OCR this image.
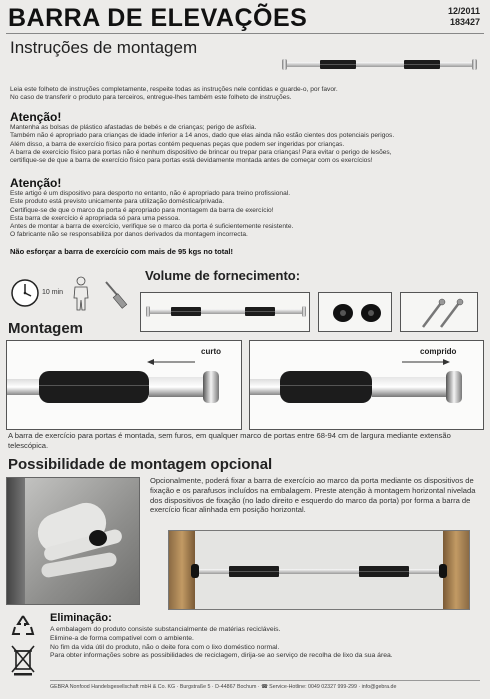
BARRA DE ELEVAÇÕES	12/2011
183427
Instruções de montagem
Leia este folheto de instruções completamente, respeite todas as instruções nele contidas e guarde-o, por favor.
No caso de transferir o produto para terceiros, entregue-lhes também este folheto de instruções.
Atenção!
Mantenha as bolsas de plástico afastadas de bebés e de crianças; perigo de asfixia.
Também não é apropriado para crianças de idade inferior a 14 anos, dado que elas ainda não estão cientes dos potenciais perigos.
Além disso, a barra de exercício físico para portas contém pequenas peças que podem ser ingeridas por crianças.
A barra de exercício físico para portas não é nenhum dispositivo de brincar ou trepar para crianças! Para evitar o perigo de lesões,
certifique-se de que a barra de exercício físico para portas está devidamente montada antes de começar com os exercícios!
Atenção!
Este artigo é um dispositivo para desporto no entanto, não é apropriado para treino profissional.
Este produto está previsto unicamente para utilização doméstica/privada.
Certifique-se de que o marco da porta é apropriado para montagem da barra de exercício!
Esta barra de exercício é apropriada só para uma pessoa.
Antes de montar a barra de exercício, verifique se o marco da porta é suficientemente resistente.
O fabricante não se responsabiliza por danos derivados da montagem incorrecta.
Não esforçar a barra de exercício com mais de 95 kgs no total!
10 min
Volume de fornecimento:
Montagem
curto	comprido
A barra de exercício para portas é montada, sem furos, em qualquer marco de portas entre 68-94 cm de largura mediante extensão telescópica.
Possibilidade de montagem opcional
Opcionalmente, poderá fixar a barra de exercício ao marco da porta mediante os dispositivos de fixação e os parafusos incluídos na embalagem. Preste atenção à montagem horizontal nivelada dos dispositivos de fixação (no lado direito e esquerdo do marco da porta) por forma a barra de exercício ficar alinhada em posição horizontal.
Eliminação:
A embalagem do produto consiste substancialmente de matérias recicláveis.
Elimine-a de forma compatível com o ambiente.
No fim da vida útil do produto, não o deite fora com o lixo doméstico normal.
Para obter informações sobre as possibilidades de reciclagem, dirija-se ao serviço de recolha de lixo da sua área.
GEBRA Nonfood Handelsgesellschaft mbH & Co. KG · Burgstraße 5 · D-44867 Bochum · ☎ Service-Hotline: 0049 02327 999-299 · info@gebra.de
